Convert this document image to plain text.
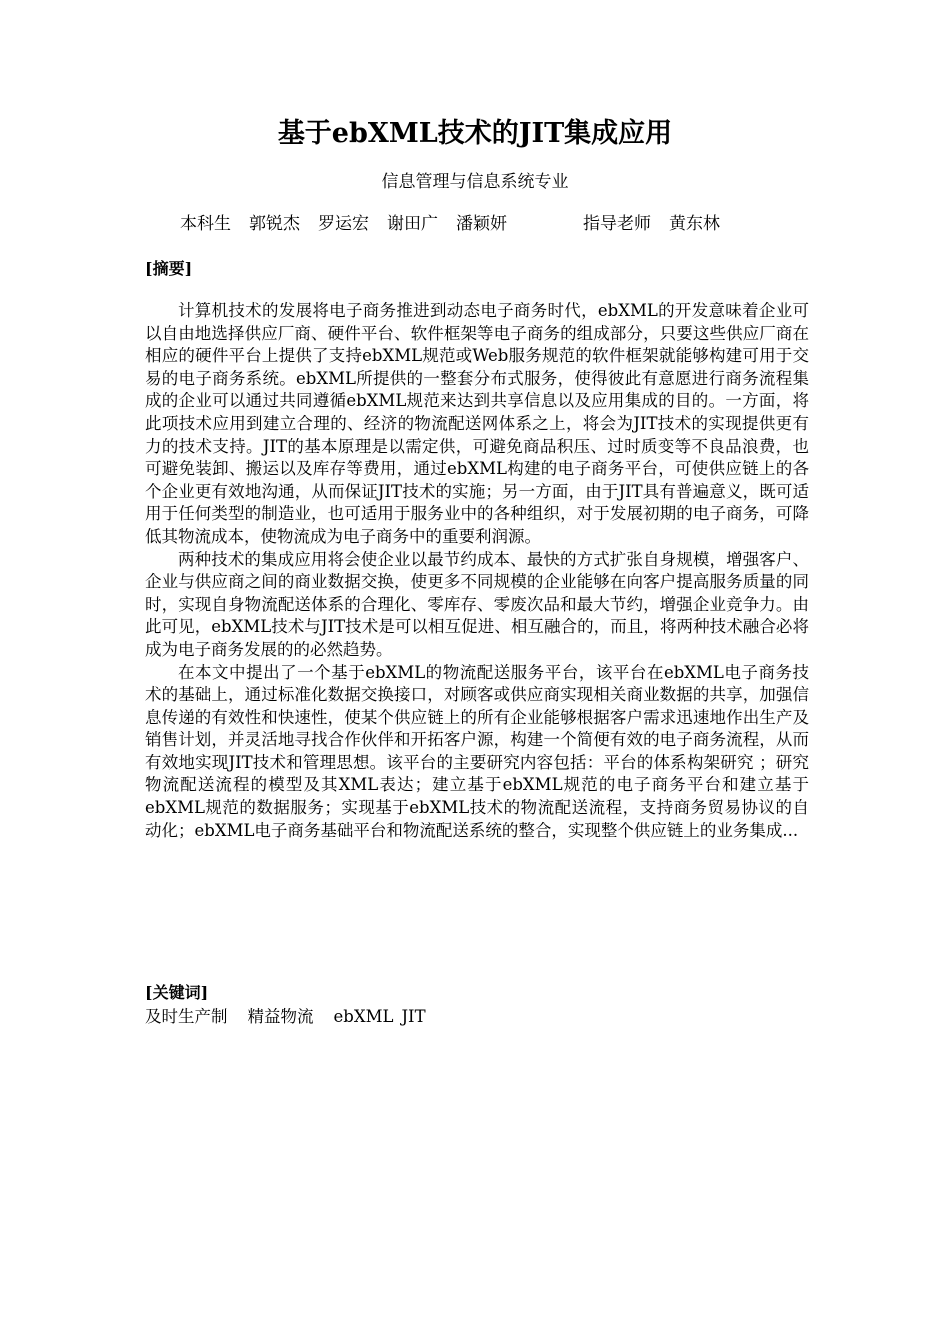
基于ebXML技术的JIT集成应用
信息管理与信息系统专业
本科生 郭锐杰 罗运宏 谢田广 潘颖妍	指导老师 黄东林
[摘要]

计算机技术的发展将电子商务推进到动态电子商务时代，ebXML的开发意味着企业可以自由地选择供应厂商、硬件平台、软件框架等电子商务的组成部分，只要这些供应厂商在相应的硬件平台上提供了支持ebXML规范或Web服务规范的软件框架就能够构建可用于交易的电子商务系统。ebXML所提供的一整套分布式服务，使得彼此有意愿进行商务流程集成的企业可以通过共同遵循ebXML规范来达到共享信息以及应用集成的目的。一方面，将此项技术应用到建立合理的、经济的物流配送网体系之上，将会为JIT技术的实现提供更有力的技术支持。JIT的基本原理是以需定供，可避免商品积压、过时质变等不良品浪费，也可避免装卸、搬运以及库存等费用，通过ebXML构建的电子商务平台，可使供应链上的各个企业更有效地沟通，从而保证JIT技术的实施；另一方面，由于JIT具有普遍意义，既可适用于任何类型的制造业，也可适用于服务业中的各种组织，对于发展初期的电子商务，可降低其物流成本，使物流成为电子商务中的重要利润源。

两种技术的集成应用将会使企业以最节约成本、最快的方式扩张自身规模，增强客户、企业与供应商之间的商业数据交换，使更多不同规模的企业能够在向客户提高服务质量的同时，实现自身物流配送体系的合理化、零库存、零废次品和最大节约，增强企业竞争力。由此可见，ebXML技术与JIT技术是可以相互促进、相互融合的，而且，将两种技术融合必将成为电子商务发展的的必然趋势。

在本文中提出了一个基于ebXML的物流配送服务平台，该平台在ebXML电子商务技术的基础上，通过标准化数据交换接口，对顾客或供应商实现相关商业数据的共享，加强信息传递的有效性和快速性，使某个供应链上的所有企业能够根据客户需求迅速地作出生产及销售计划，并灵活地寻找合作伙伴和开拓客户源，构建一个简便有效的电子商务流程，从而有效地实现JIT技术和管理思想。该平台的主要研究内容包括：平台的体系构架研究 ；研究物流配送流程的模型及其XML表达；建立基于ebXML规范的电子商务平台和建立基于ebXML规范的数据服务；实现基于ebXML技术的物流配送流程，支持商务贸易协议的自动化；ebXML电子商务基础平台和物流配送系统的整合，实现整个供应链上的业务集成...

[关键词]
及时生产制 精益物流 ebXML JIT
